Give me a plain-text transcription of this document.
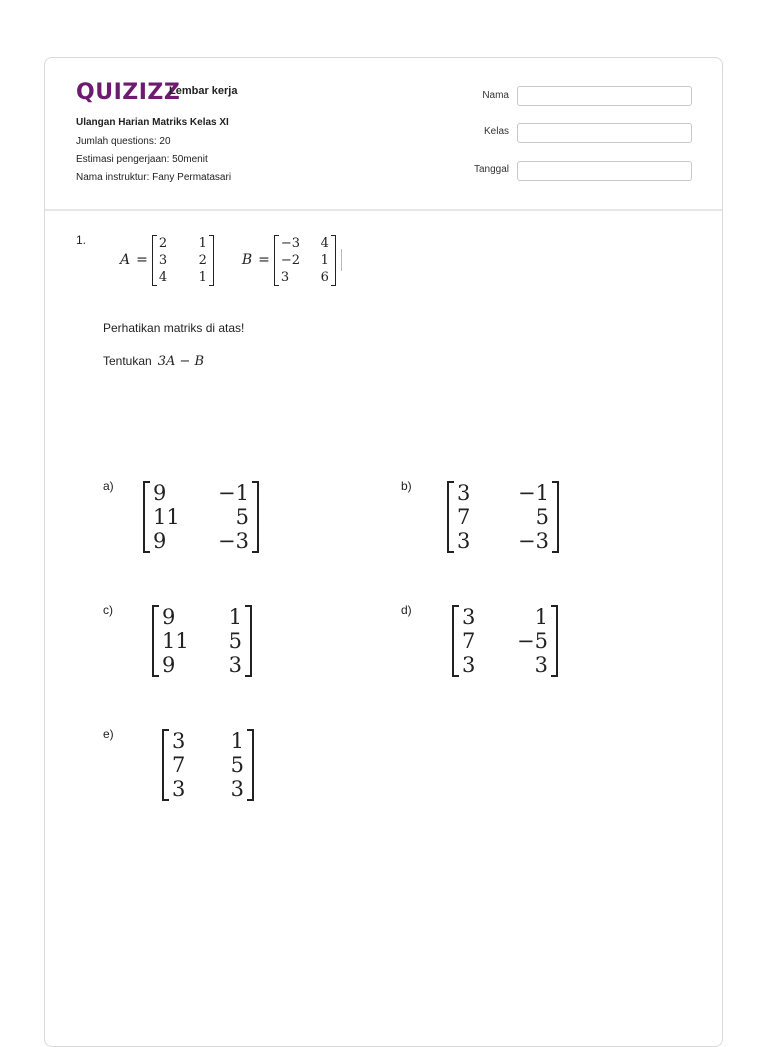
QUIZIZZ
Lembar kerja
Ulangan Harian Matriks Kelas XI
Jumlah questions: 20
Estimasi pengerjaan: 50menit
Nama instruktur: Fany Permatasari
Nama
Kelas
Tanggal
1.
A =
2	1
3	2
4	1
B =
−3	4
−2	1
3	6
Perhatikan matriks di atas!
Tentukan 3A − B
a) 9	−1
11	5
9	−3
b) 3	−1
7	5
3	−3
c) 9	1
11	5
9	3
d) 3	1
7	−5
3	3
e)	3	1
7	5
3	3
